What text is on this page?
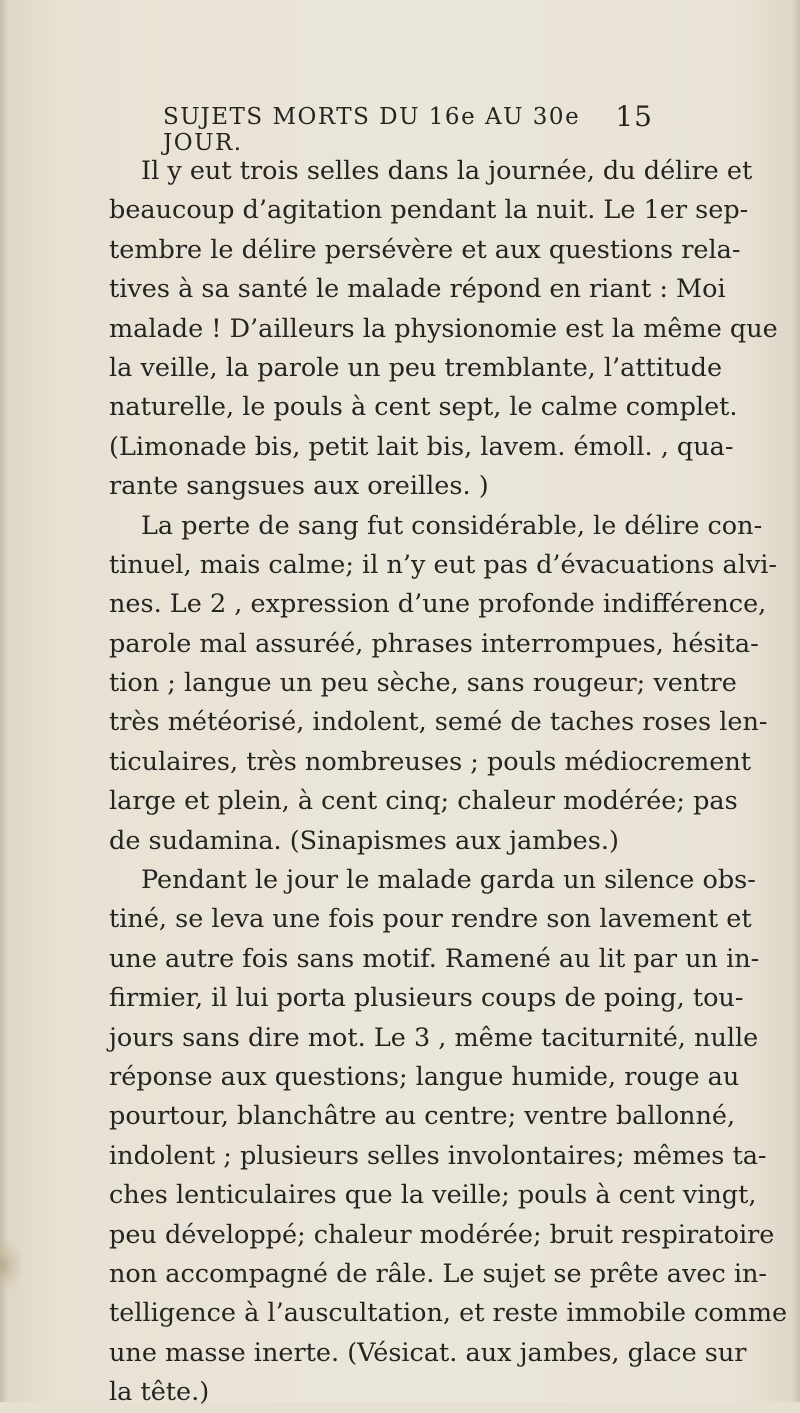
SUJETS MORTS DU 16e AU 30e JOUR.
15
Il y eut trois selles dans la journée, du délire et
beaucoup d’agitation pendant la nuit. Le 1er sep-
tembre le délire persévère et aux questions rela-
tives à sa santé le malade répond en riant : Moi
malade ! D’ailleurs la physionomie est la même que
la veille, la parole un peu tremblante, l’attitude
naturelle, le pouls à cent sept, le calme complet.
(Limonade bis, petit lait bis, lavem. émoll. , qua-
rante sangsues aux oreilles. )
La perte de sang fut considérable, le délire con-
tinuel, mais calme; il n’y eut pas d’évacuations alvi-
nes. Le 2 , expression d’une profonde indifférence,
parole mal assuréé, phrases interrompues, hésita-
tion ; langue un peu sèche, sans rougeur; ventre
très météorisé, indolent, semé de taches roses len-
ticulaires, très nombreuses ; pouls médiocrement
large et plein, à cent cinq; chaleur modérée; pas
de sudamina. (Sinapismes aux jambes.)
Pendant le jour le malade garda un silence obs-
tiné, se leva une fois pour rendre son lavement et
une autre fois sans motif. Ramené au lit par un in-
firmier, il lui porta plusieurs coups de poing, tou-
jours sans dire mot. Le 3 , même taciturnité, nulle
réponse aux questions; langue humide, rouge au
pourtour, blanchâtre au centre; ventre ballonné,
indolent ; plusieurs selles involontaires; mêmes ta-
ches lenticulaires que la veille; pouls à cent vingt,
peu développé; chaleur modérée; bruit respiratoire
non accompagné de râle. Le sujet se prête avec in-
telligence à l’auscultation, et reste immobile comme
une masse inerte. (Vésicat. aux jambes, glace sur
la tête.)
